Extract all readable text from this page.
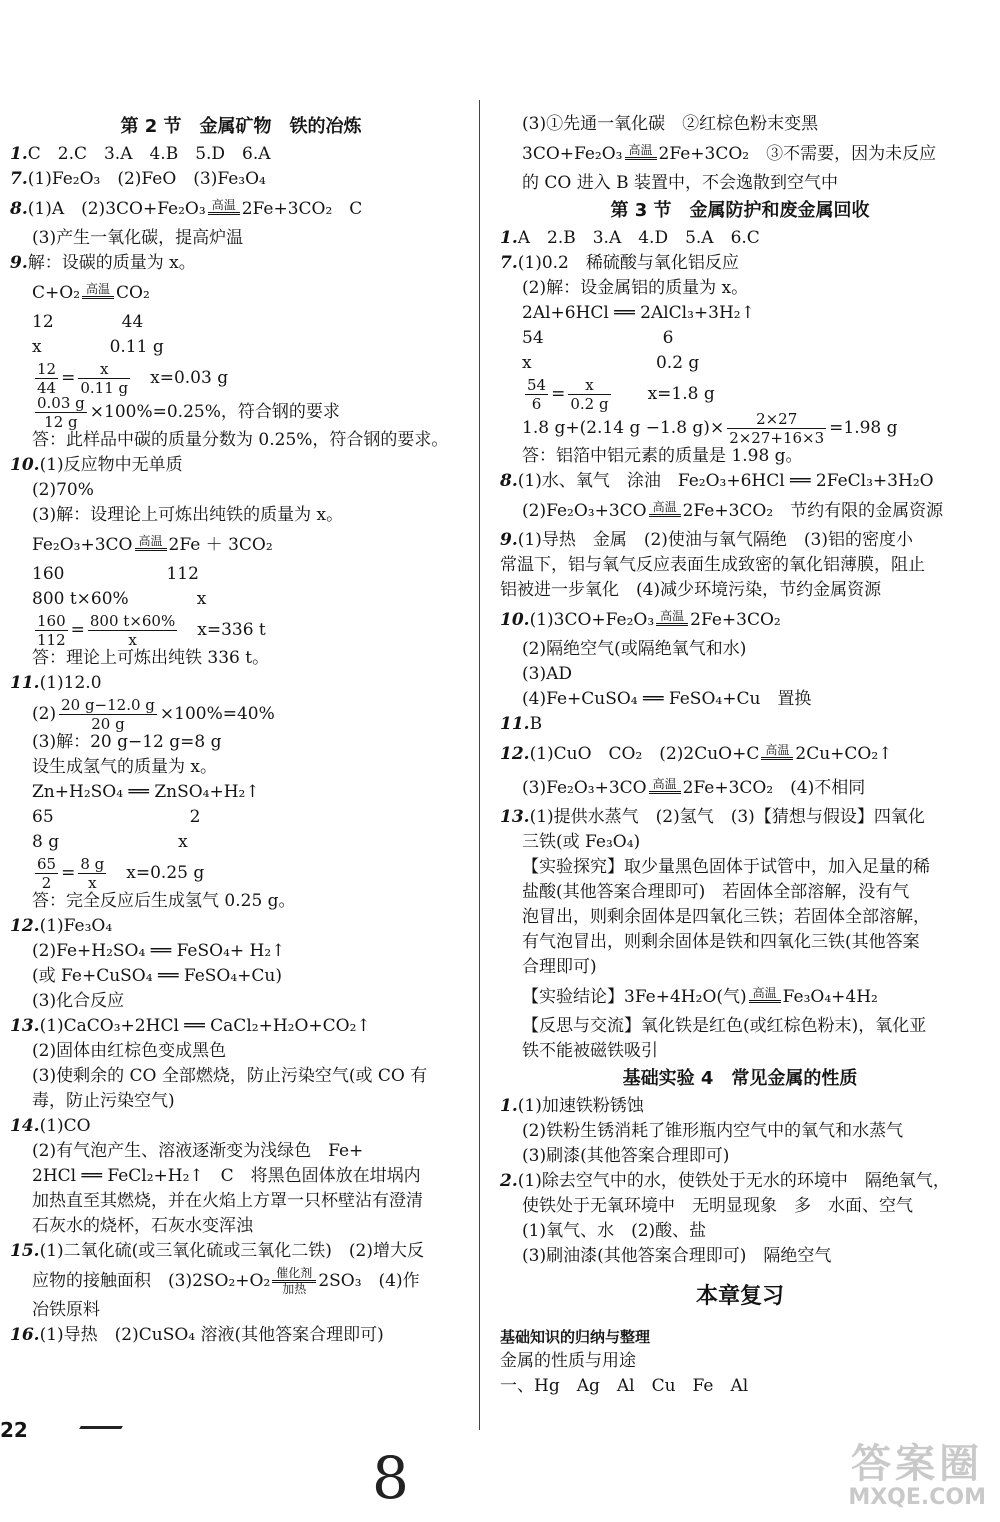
第 2 节　金属矿物　铁的冶炼
1.C　2.C　3.A　4.B　5.D　6.A
7.(1)Fe₂O₃　(2)FeO　(3)Fe₃O₄
8.(1)A　(2)3CO+Fe₂O₃ 高温 2Fe+3CO₂　C
(3)产生一氧化碳，提高炉温
9.解：设碳的质量为 x。
C+O₂ 高温 CO₂
12　　　　44
x　　　　0.11 g
$\frac{12}{44} = \frac{x}{0.11 g}$ 　x=0.03 g
$\frac{0.03 g}{12 g} \times 100\%=0.25\%$，符合钢的要求
答：此样品中碳的质量分数为 0.25%，符合钢的要求。
10.(1)反应物中无单质
(2)70%
(3)解：设理论上可炼出纯铁的质量为 x。
Fe₂O₃+3CO 高温 2Fe ＋ 3CO₂
160　　　　　　112
800 t×60%　　　　x
$\frac{160}{112} = \frac{800 t\times 60\%}{x}$ 　x=336 t
答：理论上可炼出纯铁 336 t。
11.(1)12.0
$(2) \frac{20 g-12.0 g}{20 g} \times 100\%=40\%$
(3)解：20 g−12 g=8 g
设生成氢气的质量为 x。
Zn+H₂SO₄ ══ ZnSO₄+H₂↑
65　　　　　　　　2
8 g　　　　　　　x
$\frac{65}{2} = \frac{8 g}{x}$ 　x=0.25 g
答：完全反应后生成氢气 0.25 g。
12.(1)Fe₃O₄
(2)Fe+H₂SO₄ ══ FeSO₄+ H₂↑
(或 Fe+CuSO₄ ══ FeSO₄+Cu)
(3)化合反应
13.(1)CaCO₃+2HCl ══ CaCl₂+H₂O+CO₂↑
(2)固体由红棕色变成黑色
(3)使剩余的 CO 全部燃烧，防止污染空气(或 CO 有
毒，防止污染空气)
14.(1)CO
(2)有气泡产生、溶液逐渐变为浅绿色　Fe+
2HCl ══ FeCl₂+H₂↑　C　将黑色固体放在坩埚内
加热直至其燃烧，并在火焰上方罩一只杯壁沾有澄清
石灰水的烧杯，石灰水变浑浊
15.(1)二氧化硫(或三氧化硫或三氧化二铁)　(2)增大反
应物的接触面积　(3)2SO₂+O₂ 催化剂
加热 2SO₃　(4)作
冶铁原料
16.(1)导热　(2)CuSO₄ 溶液(其他答案合理即可)
(3)①先通一氧化碳　②红棕色粉末变黑
3CO+Fe₂O₃ 高温 2Fe+3CO₂　③不需要，因为未反应
的 CO 进入 B 装置中，不会逸散到空气中
第 3 节　金属防护和废金属回收
1.A　2.B　3.A　4.D　5.A　6.C
7.(1)0.2　稀硫酸与氧化铝反应
(2)解：设金属铝的质量为 x。
2Al+6HCl ══ 2AlCl₃+3H₂↑
54　　　　　　　6
x　　　　　　　 0.2 g
$\frac{54}{6} = \frac{x}{0.2 g}$ 　　x=1.8 g
1.8 g+(2.14 g −1.8 $g)\times \frac{2\times 27}{2\times 27+16\times 3} =1.98$ g
答：铝箔中铝元素的质量是 1.98 g。
8.(1)水、氧气　涂油　Fe₂O₃+6HCl ══ 2FeCl₃+3H₂O
(2)Fe₂O₃+3CO 高温 2Fe+3CO₂　节约有限的金属资源
9.(1)导热　金属　(2)使油与氧气隔绝　(3)铝的密度小
常温下，铝与氧气反应表面生成致密的氧化铝薄膜，阻止
铝被进一步氧化　(4)减少环境污染，节约金属资源
10.(1)3CO+Fe₂O₃ 高温 2Fe+3CO₂
(2)隔绝空气(或隔绝氧气和水)
(3)AD
(4)Fe+CuSO₄ ══ FeSO₄+Cu　置换
11.B
12.(1)CuO　CO₂　(2)2CuO+C 高温 2Cu+CO₂↑
(3)Fe₂O₃+3CO 高温 2Fe+3CO₂　(4)不相同
13.(1)提供水蒸气　(2)氢气　(3)【猜想与假设】四氧化
三铁(或 Fe₃O₄)
【实验探究】取少量黑色固体于试管中，加入足量的稀
盐酸(其他答案合理即可)　若固体全部溶解，没有气
泡冒出，则剩余固体是四氧化三铁；若固体全部溶解，
有气泡冒出，则剩余固体是铁和四氧化三铁(其他答案
合理即可)
【实验结论】3Fe+4H₂O(气) 高温 Fe₃O₄+4H₂
【反思与交流】氧化铁是红色(或红棕色粉末)，氧化亚
铁不能被磁铁吸引
基础实验 4　常见金属的性质
1.(1)加速铁粉锈蚀
(2)铁粉生锈消耗了锥形瓶内空气中的氧气和水蒸气
(3)刷漆(其他答案合理即可)
2.(1)除去空气中的水，使铁处于无水的环境中　隔绝氧气，
使铁处于无氧环境中　无明显现象　多　水面、空气
(1)氧气、水　(2)酸、盐
(3)刷油漆(其他答案合理即可)　隔绝空气
本章复习
基础知识的归纳与整理
金属的性质与用途
一、Hg　Ag　Al　Cu　Fe　Al
22
8	答案圈
MXQE.COM
